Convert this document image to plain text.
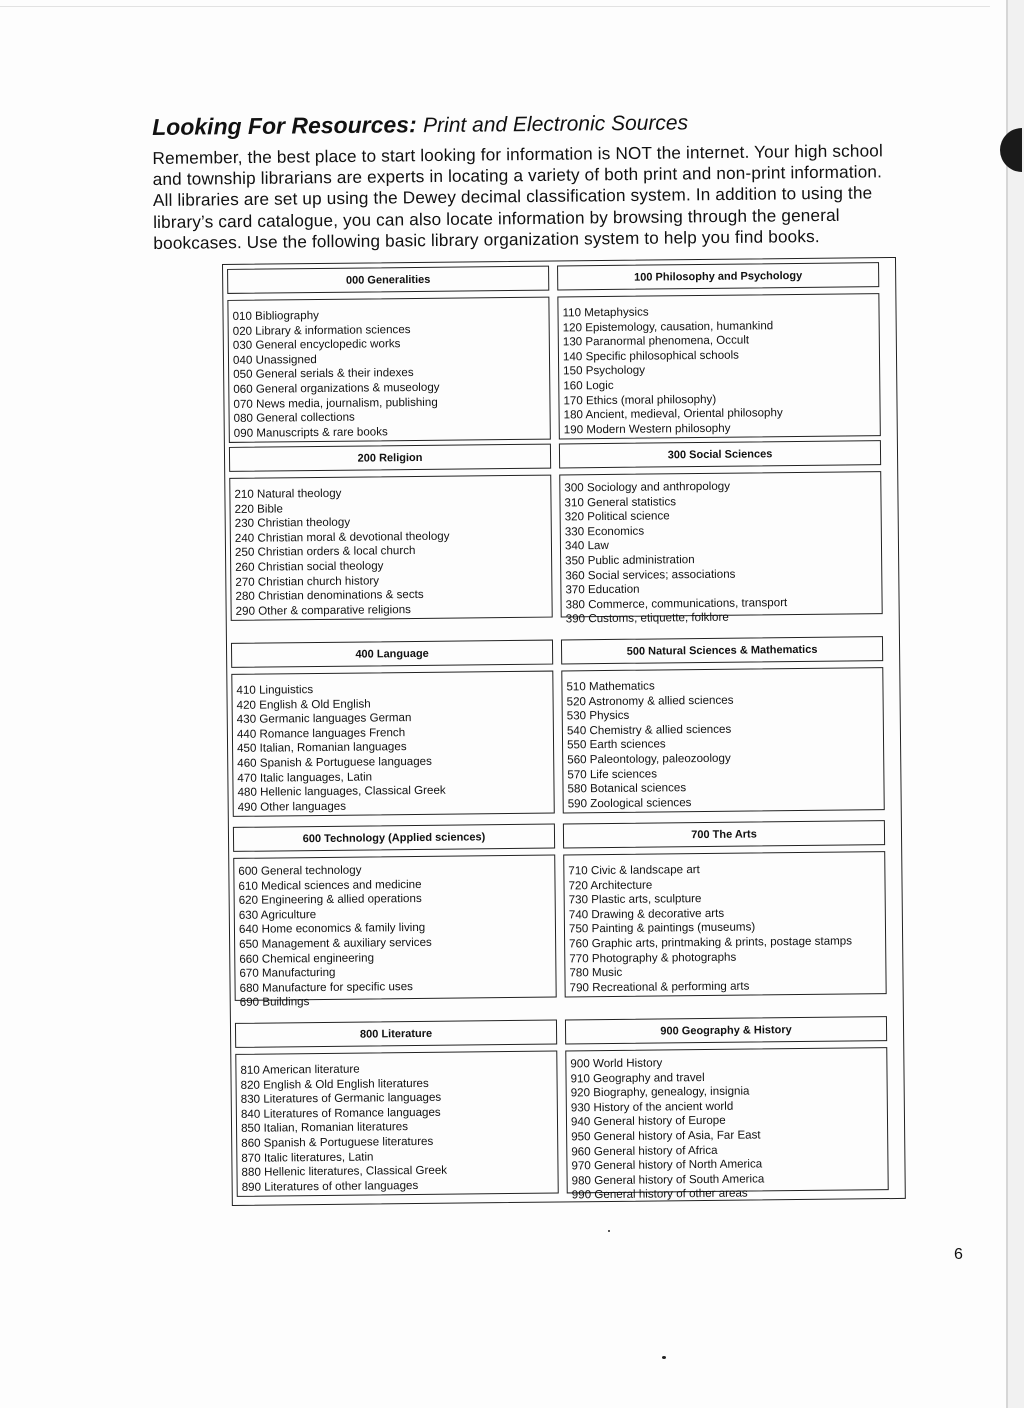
Looking For Resources: Print and Electronic Sources
Remember, the best place to start looking for information is NOT the internet. Your high school
and township librarians are experts in locating a variety of both print and non-print information.
All libraries are set up using the Dewey decimal classification system. In addition to using the
library’s card catalogue, you can also locate information by browsing through the general
bookcases. Use the following basic library organization system to help you find books.
000 Generalities
010 Bibliography
020 Library & information sciences
030 General encyclopedic works
040 Unassigned
050 General serials & their indexes
060 General organizations & museology
070 News media, journalism, publishing
080 General collections
090 Manuscripts & rare books
100 Philosophy and Psychology
110 Metaphysics
120 Epistemology, causation, humankind
130 Paranormal phenomena, Occult
140 Specific philosophical schools
150 Psychology
160 Logic
170 Ethics (moral philosophy)
180 Ancient, medieval, Oriental philosophy
190 Modern Western philosophy
200 Religion
210 Natural theology
220 Bible
230 Christian theology
240 Christian moral & devotional theology
250 Christian orders & local church
260 Christian social theology
270 Christian church history
280 Christian denominations & sects
290 Other & comparative religions
300 Social Sciences
300 Sociology and anthropology
310 General statistics
320 Political science
330 Economics
340 Law
350 Public administration
360 Social services; associations
370 Education
380 Commerce, communications, transport
390 Customs, etiquette, folklore
400 Language
410 Linguistics
420 English & Old English
430 Germanic languages German
440 Romance languages French
450 Italian, Romanian languages
460 Spanish & Portuguese languages
470 Italic languages, Latin
480 Hellenic languages, Classical Greek
490 Other languages
500 Natural Sciences & Mathematics
510 Mathematics
520 Astronomy & allied sciences
530 Physics
540 Chemistry & allied sciences
550 Earth sciences
560 Paleontology, paleozoology
570 Life sciences
580 Botanical sciences
590 Zoological sciences
600 Technology (Applied sciences)
600 General technology
610 Medical sciences and medicine
620 Engineering & allied operations
630 Agriculture
640 Home economics & family living
650 Management & auxiliary services
660 Chemical engineering
670 Manufacturing
680 Manufacture for specific uses
690 Buildings
700 The Arts
710 Civic & landscape art
720 Architecture
730 Plastic arts, sculpture
740 Drawing & decorative arts
750 Painting & paintings (museums)
760 Graphic arts, printmaking & prints, postage stamps
770 Photography & photographs
780 Music
790 Recreational & performing arts
800 Literature
810 American literature
820 English & Old English literatures
830 Literatures of Germanic languages
840 Literatures of Romance languages
850 Italian, Romanian literatures
860 Spanish & Portuguese literatures
870 Italic literatures, Latin
880 Hellenic literatures, Classical Greek
890 Literatures of other languages
900 Geography & History
900 World History
910 Geography and travel
920 Biography, genealogy, insignia
930 History of the ancient world
940 General history of Europe
950 General history of Asia, Far East
960 General history of Africa
970 General history of North America
980 General history of South America
990 General history of other areas
6
